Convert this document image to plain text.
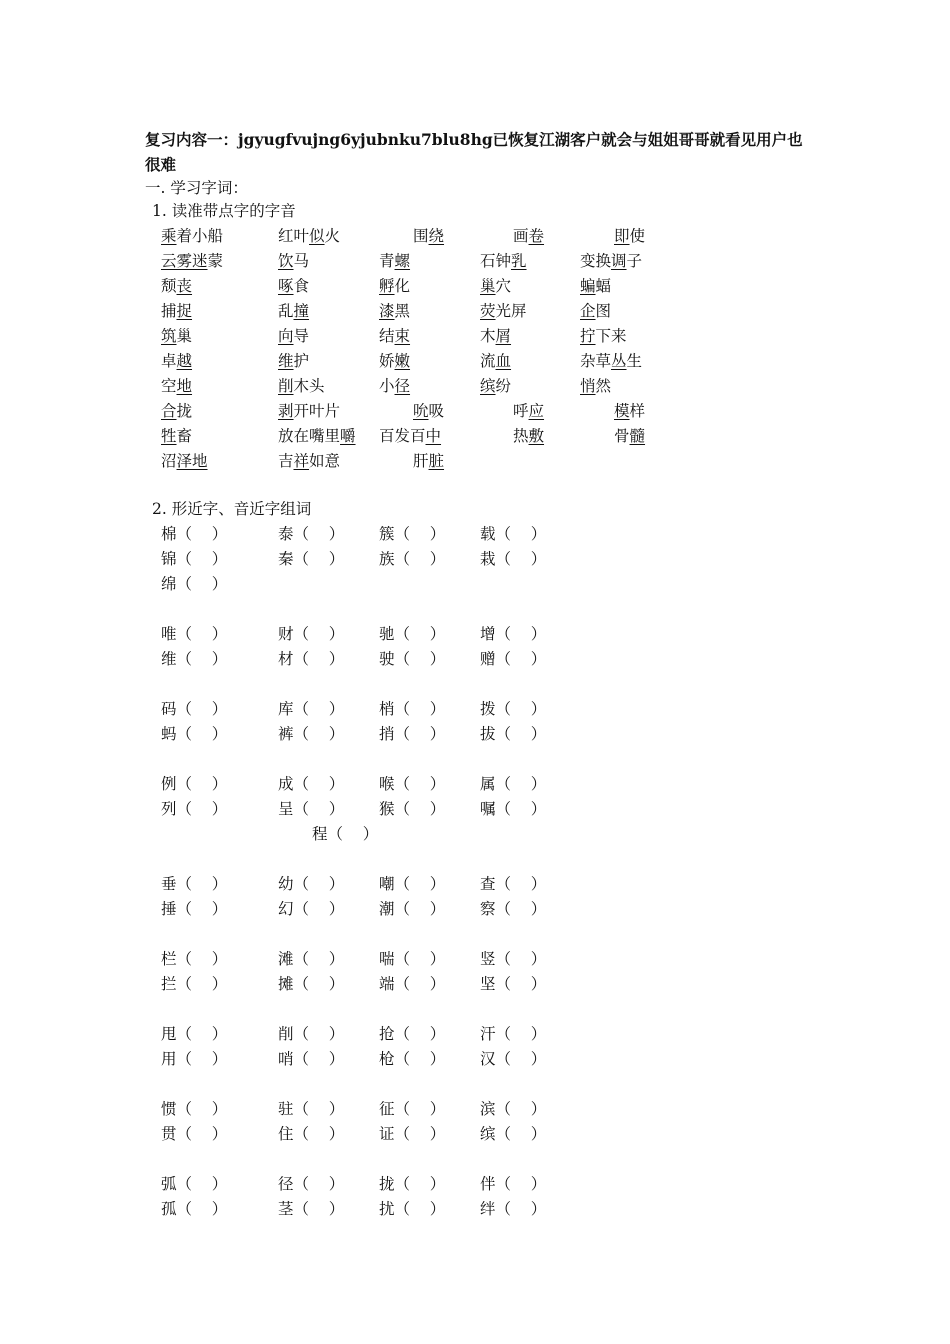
复习内容一：jgyugfvujng6yjubnku7blu8hg已恢复江湖客户就会与姐姐哥哥就看见用户也很难
一. 学习字词：
1. 读准带点字的字音
乘着小船	红叶似火	围绕	画卷	即使
云雾迷蒙	饮马	青螺	石钟乳	变换调子
颓丧	啄食	孵化	巢穴	蝙蝠
捕捉	乱撞	漆黑	荧光屏	企图
筑巢	向导	结束	木屑	拧下来
卓越	维护	娇嫩	流血	杂草丛生
空地	削木头	小径	缤纷	悄然
合拢	剥开叶片	吮吸	呼应	模样
牲畜	放在嘴里嚼 百发百中	热敷	骨髓
沼泽地	吉祥如意	肝脏
2. 形近字、音近字组词
棉（    ）	泰（    ） 簇（    ） 载（    ）
锦（    ）	秦（    ） 族（    ） 栽（    ）
绵（    ）
唯（    ）	财（    ） 驰（    ） 增（    ）
维（    ）	材（    ） 驶（    ） 赠（    ）
码（    ）	库（    ） 梢（    ） 拨（    ）
蚂（    ）	裤（    ） 捎（    ） 拔（    ）
例（    ）	成（    ） 喉（    ） 属（    ）
列（    ）	呈（    ） 猴（    ） 嘱（    ）
程（    ）
垂（    ）	幼（    ） 嘲（    ） 查（    ）
捶（    ）	幻（    ） 潮（    ） 察（    ）
栏（    ）	滩（    ） 喘（    ） 竖（    ）
拦（    ）	摊（    ） 端（    ） 坚（    ）
甩（    ）	削（    ） 抢（    ） 汗（    ）
用（    ）	哨（    ） 枪（    ） 汉（    ）
惯（    ）	驻（    ） 征（    ） 滨（    ）
贯（    ）	住（    ） 证（    ） 缤（    ）
弧（    ）	径（    ） 拢（    ） 伴（    ）
孤（    ）	茎（    ） 扰（    ） 绊（    ）
